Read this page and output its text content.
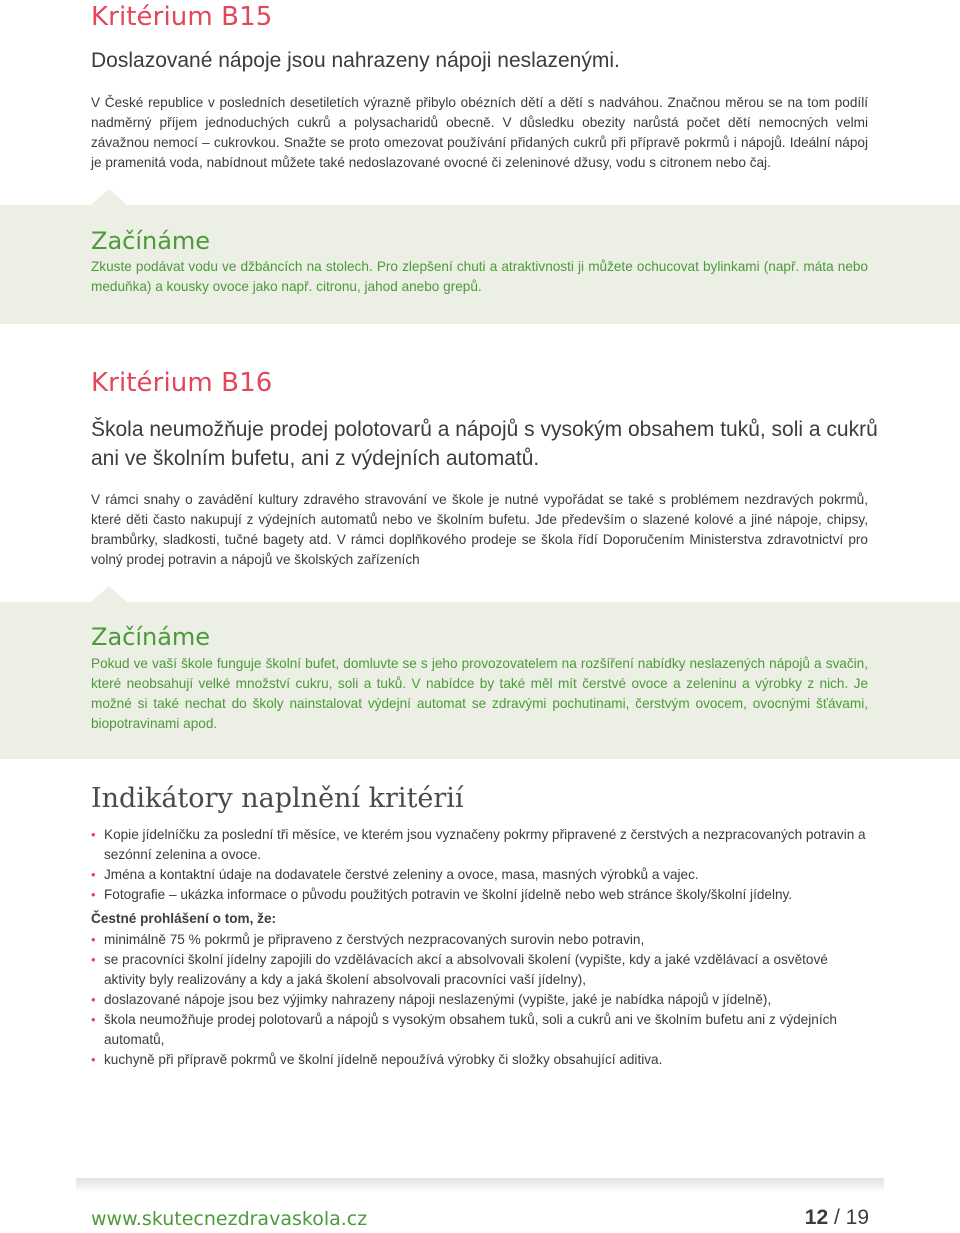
Kritérium B15
Doslazované nápoje jsou nahrazeny nápoji neslazenými.

V České republice v posledních desetiletích výrazně přibylo obézních dětí a dětí s nadváhou. Značnou měrou se na tom podílí nadměrný příjem jednoduchých cukrů a polysacharidů obecně. V důsledku obezity narůstá počet dětí nemocných velmi závažnou nemocí – cukrovkou. Snažte se proto omezovat používání přidaných cukrů při přípravě pokrmů i nápojů. Ideální nápoj je pramenitá voda, nabídnout můžete také nedoslazované ovocné či zeleninové džusy, vodu s citronem nebo čaj.

Začínáme

Zkuste podávat vodu ve džbáncích na stolech. Pro zlepšení chuti a atraktivnosti ji můžete ochucovat bylinkami (např. máta nebo meduňka) a kousky ovoce jako např. citronu, jahod anebo grepů.

Kritérium B16
Škola neumožňuje prodej polotovarů a nápojů s vysokým obsahem tuků, soli a cukrů ani ve školním bufetu, ani z výdejních automatů.

V rámci snahy o zavádění kultury zdravého stravování ve škole je nutné vypořádat se také s problémem nezdravých pokrmů, které děti často nakupují z výdejních automatů nebo ve školním bufetu. Jde především o slazené kolové a jiné nápoje, chipsy, brambůrky, sladkosti, tučné bagety atd. V rámci doplňkového prodeje se škola řídí Doporučením Ministerstva zdravotnictví pro volný prodej potravin a nápojů ve školských zařízeních

Začínáme

Pokud ve vaší škole funguje školní bufet, domluvte se s jeho provozovatelem na rozšíření nabídky neslazených nápojů a svačin, které neobsahují velké množství cukru, soli a tuků. V nabídce by také měl mít čerstvé ovoce a zeleninu a výrobky z nich. Je možné si také nechat do školy nainstalovat výdejní automat se zdravými pochutinami, čerstvým ovocem, ovocnými šťávami, biopotravinami apod.

Indikátory naplnění kritérií
• Kopie jídelníčku za poslední tři měsíce, ve kterém jsou vyznačeny pokrmy připravené z čerstvých a nezpracovaných potravin a sezónní zelenina a ovoce.
• Jména a kontaktní údaje na dodavatele čerstvé zeleniny a ovoce, masa, masných výrobků a vajec.
• Fotografie – ukázka informace o původu použitých potravin ve školní jídelně nebo web stránce školy/školní jídelny.
Čestné prohlášení o tom, že:
• minimálně 75 % pokrmů je připraveno z čerstvých nezpracovaných surovin nebo potravin,
• se pracovníci školní jídelny zapojili do vzdělávacích akcí a absolvovali školení (vypište, kdy a jaké vzdělávací a osvětové aktivity byly realizovány a kdy a jaká školení absolvovali pracovníci vaší jídelny),
• doslazované nápoje jsou bez výjimky nahrazeny nápoji neslazenými (vypište, jaké je nabídka nápojů v jídelně),
• škola neumožňuje prodej polotovarů a nápojů s vysokým obsahem tuků, soli a cukrů ani ve školním bufetu ani z výdejních automatů,
• kuchyně při přípravě pokrmů ve školní jídelně nepoužívá výrobky či složky obsahující aditiva.
www.skutecnezdravaskola.cz	12 / 19
